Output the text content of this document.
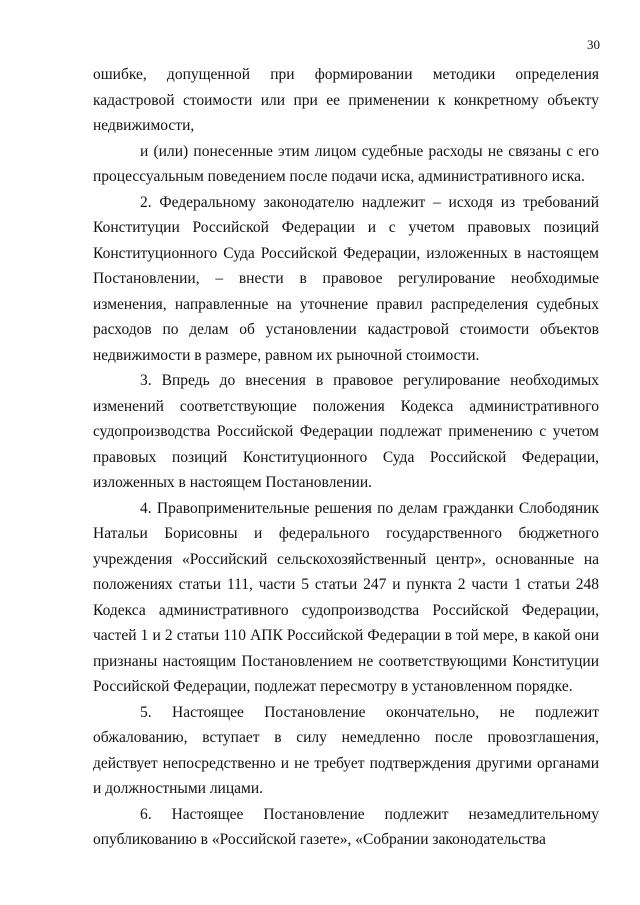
30

ошибке, допущенной при формировании методики определения кадастровой стоимости или при ее применении к конкретному объекту недвижимости,

и (или) понесенные этим лицом судебные расходы не связаны с его процессуальным поведением после подачи иска, административного иска.

2. Федеральному законодателю надлежит – исходя из требований Конституции Российской Федерации и с учетом правовых позиций Конституционного Суда Российской Федерации, изложенных в настоящем Постановлении, – внести в правовое регулирование необходимые изменения, направленные на уточнение правил распределения судебных расходов по делам об установлении кадастровой стоимости объектов недвижимости в размере, равном их рыночной стоимости.

3. Впредь до внесения в правовое регулирование необходимых изменений соответствующие положения Кодекса административного судопроизводства Российской Федерации подлежат применению с учетом правовых позиций Конституционного Суда Российской Федерации, изложенных в настоящем Постановлении.

4. Правоприменительные решения по делам гражданки Слободяник Натальи Борисовны и федерального государственного бюджетного учреждения «Российский сельскохозяйственный центр», основанные на положениях статьи 111, части 5 статьи 247 и пункта 2 части 1 статьи 248 Кодекса административного судопроизводства Российской Федерации, частей 1 и 2 статьи 110 АПК Российской Федерации в той мере, в какой они признаны настоящим Постановлением не соответствующими Конституции Российской Федерации, подлежат пересмотру в установленном порядке.

5. Настоящее Постановление окончательно, не подлежит обжалованию, вступает в силу немедленно после провозглашения, действует непосредственно и не требует подтверждения другими органами и должностными лицами.

6. Настоящее Постановление подлежит незамедлительному опубликованию в «Российской газете», «Собрании законодательства
